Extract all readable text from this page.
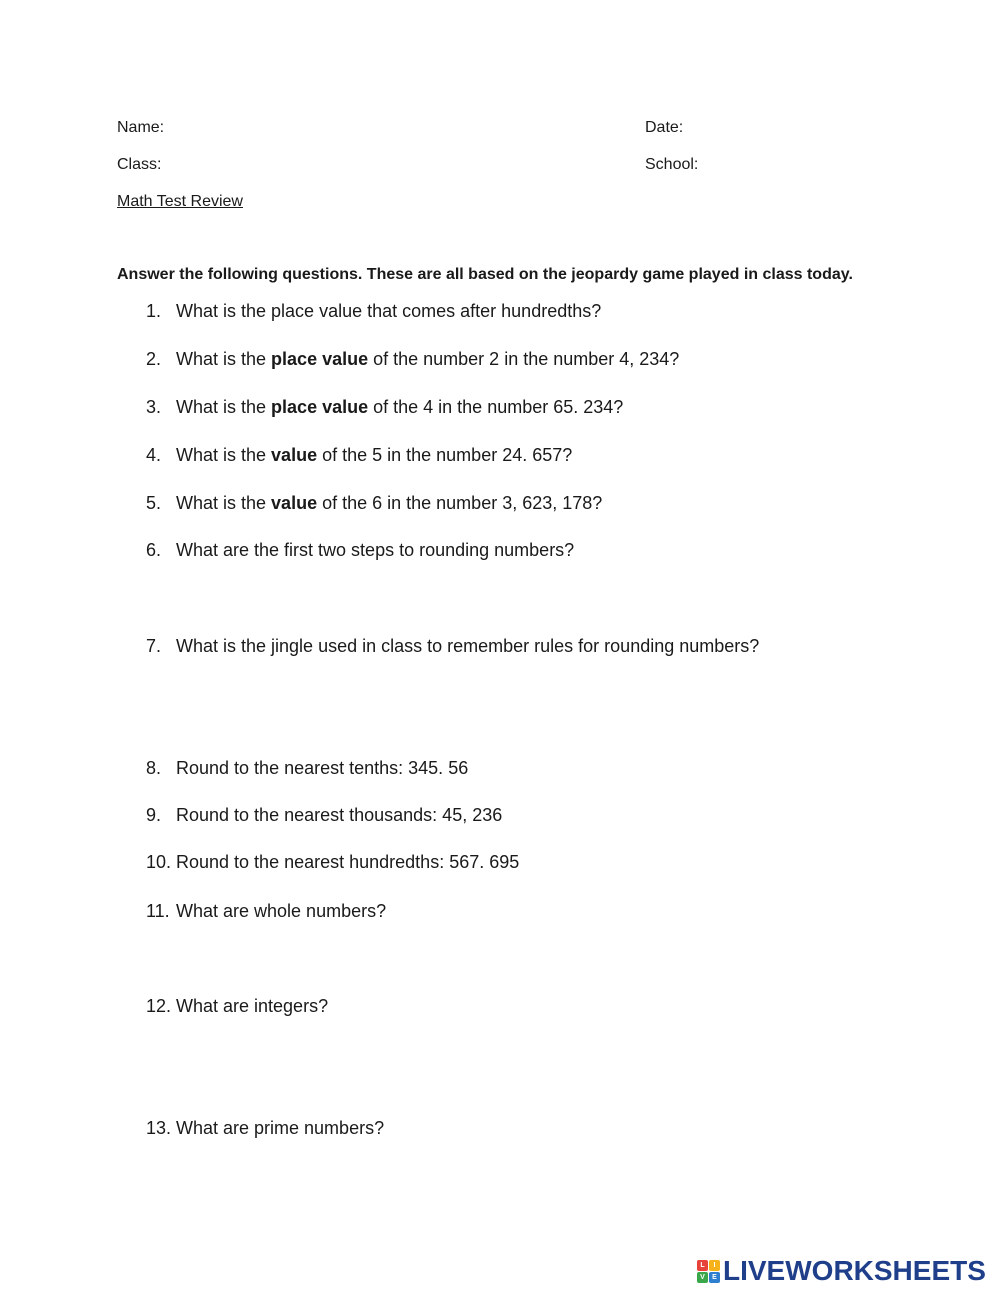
Name:	Date:
Class:	School:
Math Test Review
Answer the following questions. These are all based on the jeopardy game played in class today.
1. What is the place value that comes after hundredths?
2. What is the place value of the number 2 in the number 4, 234?
3. What is the place value of the 4 in the number 65. 234?
4. What is the value of the 5 in the number 24. 657?
5. What is the value of the 6 in the number 3, 623, 178?
6. What are the first two steps to rounding numbers?
7. What is the jingle used in class to remember rules for rounding numbers?
8. Round to the nearest tenths: 345. 56
9. Round to the nearest thousands: 45, 236
10. Round to the nearest hundredths: 567. 695
11. What are whole numbers?
12. What are integers?
13. What are prime numbers?
L	I
V	E LIVEWORKSHEETS
